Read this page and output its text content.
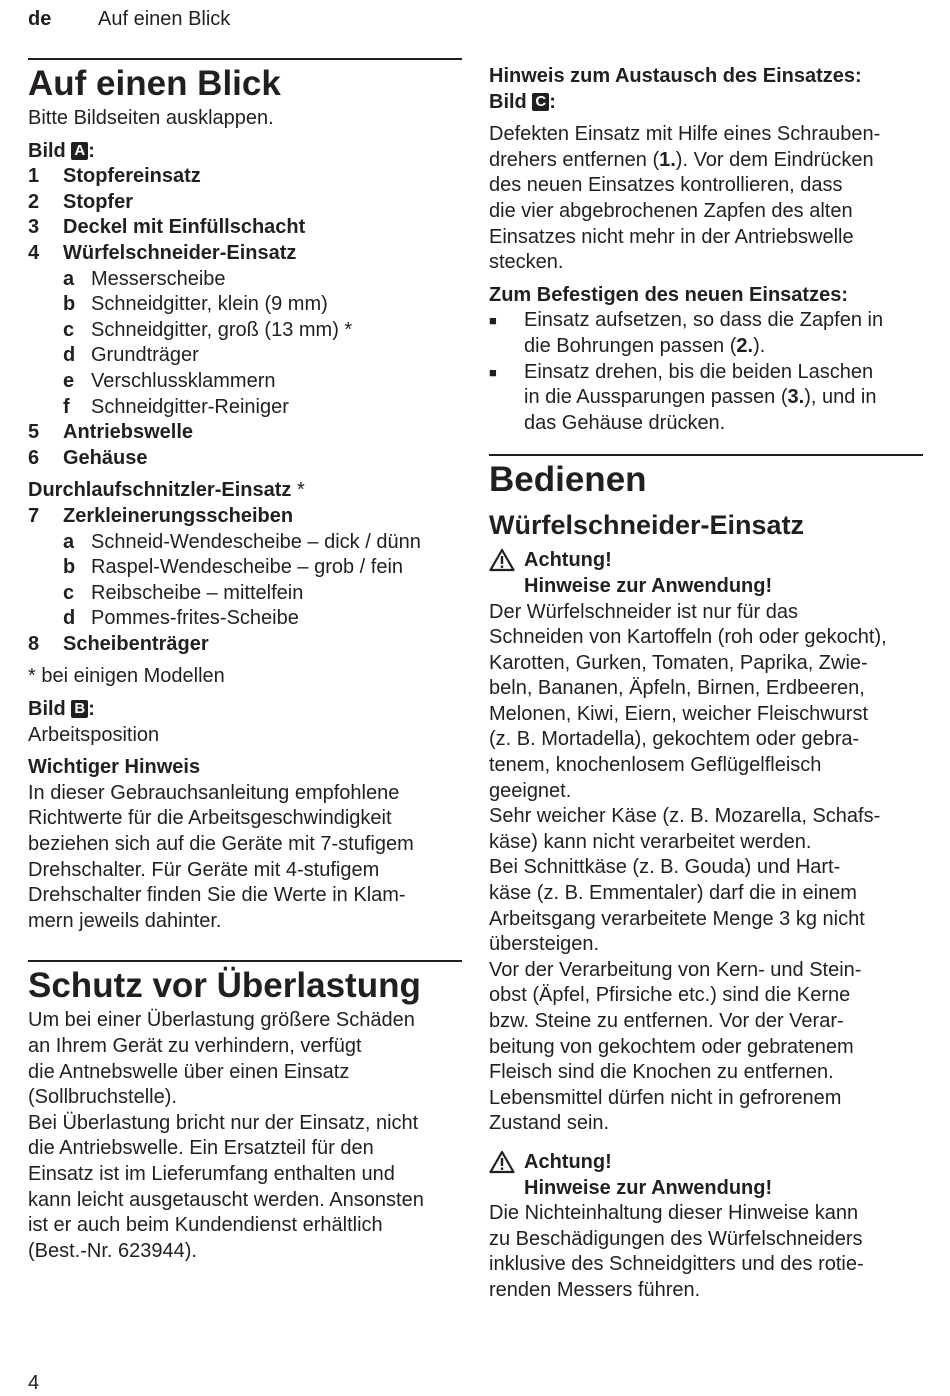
de Auf einen Blick
Auf einen Blick

Bitte Bildseiten ausklappen.

Bild A :

1	Stopfereinsatz
2	Stopfer
3	Deckel mit Einfüllschacht
4	Würfelschneider-Einsatz
a Messerscheibe
b Schneidgitter, klein (9 mm)
c Schneidgitter, groß (13 mm) *
d Grundträger
e Verschlussklammern
f	Schneidgitter-Reiniger
5	Antriebswelle
6	Gehäuse

Durchlaufschnitzler-Einsatz *

7	Zerkleinerungsscheiben
a Schneid-Wendescheibe – dick / dünn
b Raspel-Wendescheibe – grob / fein
c Reibscheibe – mittelfein
d Pommes-frites-Scheibe
8	Scheibenträger

* bei einigen Modellen

Bild B :

Arbeitsposition

Wichtiger Hinweis

In dieser Gebrauchsanleitung empfohlene
Richtwerte für die Arbeitsgeschwindigkeit
beziehen sich auf die Geräte mit 7-stufigem
Drehschalter. Für Geräte mit 4-stufigem
Drehschalter finden Sie die Werte in Klam-
mern jeweils dahinter.
Schutz vor Überlastung
Um bei einer Überlastung größere Schäden
an Ihrem Gerät zu verhindern, verfügt
die Antnebswelle über einen Einsatz
(Sollbruchstelle).
Bei Überlastung bricht nur der Einsatz, nicht
die Antriebswelle. Ein Ersatzteil für den
Einsatz ist im Lieferumfang enthalten und
kann leicht ausgetauscht werden. Ansonsten
ist er auch beim Kundendienst erhältlich
(Best.-Nr. 623944).

Hinweis zum Austausch des Einsatzes:
Bild C :

Defekten Einsatz mit Hilfe eines Schrauben-
drehers entfernen (1.). Vor dem Eindrücken
des neuen Einsatzes kontrollieren, dass
die vier abgebrochenen Zapfen des alten
Einsatzes nicht mehr in der Antriebswelle
stecken.

Zum Befestigen des neuen Einsatzes:

■	Einsatz aufsetzen, so dass die Zapfen in
die Bohrungen passen (2.).
■	Einsatz drehen, bis die beiden Laschen
in die Aussparungen passen (3.), und in
das Gehäuse drücken.
Bedienen
Würfelschneider-Einsatz
Achtung!
Hinweise zur Anwendung!
Der Würfelschneider ist nur für das
Schneiden von Kartoffeln (roh oder gekocht),
Karotten, Gurken, Tomaten, Paprika, Zwie-
beln, Bananen, Äpfeln, Birnen, Erdbeeren,
Melonen, Kiwi, Eiern, weicher Fleischwurst
(z. B. Mortadella), gekochtem oder gebra-
tenem, knochenlosem Geflügelfleisch
geeignet.
Sehr weicher Käse (z. B. Mozarella, Schafs-
käse) kann nicht verarbeitet werden.
Bei Schnittkäse (z. B. Gouda) und Hart-
käse (z. B. Emmentaler) darf die in einem
Arbeitsgang verarbeitete Menge 3 kg nicht
übersteigen.
Vor der Verarbeitung von Kern- und Stein-
obst (Äpfel, Pfirsiche etc.) sind die Kerne
bzw. Steine zu entfernen. Vor der Verar-
beitung von gekochtem oder gebratenem
Fleisch sind die Knochen zu entfernen.
Lebensmittel dürfen nicht in gefrorenem
Zustand sein.
Achtung!
Hinweise zur Anwendung!
Die Nichteinhaltung dieser Hinweise kann
zu Beschädigungen des Würfelschneiders
inklusive des Schneidgitters und des rotie-
renden Messers führen.
4
